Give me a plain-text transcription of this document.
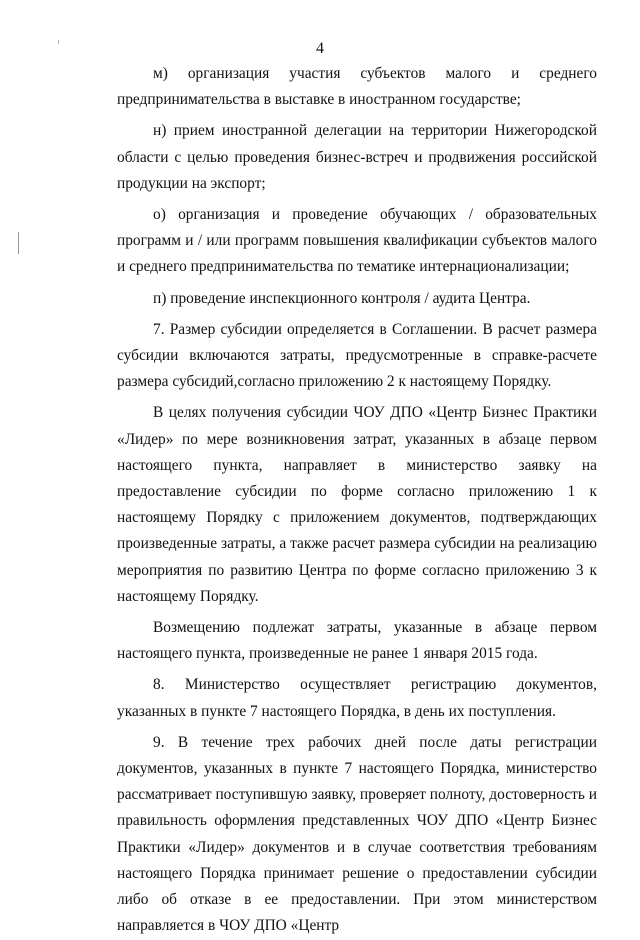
4

м) организация участия субъектов малого и среднего предпринимательства в выставке в иностранном государстве;

н) прием иностранной делегации на территории Нижегородской области с целью проведения бизнес-встреч и продвижения российской продукции на экспорт;

о) организация и проведение обучающих / образовательных программ и / или программ повышения квалификации субъектов малого и среднего предпринимательства по тематике интернационализации;

п) проведение инспекционного контроля / аудита Центра.

7. Размер субсидии определяется в Соглашении. В расчет размера субсидии включаются затраты, предусмотренные в справке-расчете размера субсидий,согласно приложению 2 к настоящему Порядку.

В целях получения субсидии ЧОУ ДПО «Центр Бизнес Практики «Лидер» по мере возникновения затрат, указанных в абзаце первом настоящего пункта, направляет в министерство заявку на предоставление субсидии по форме согласно приложению 1 к настоящему Порядку с приложением документов, подтверждающих произведенные затраты, а также расчет размера субсидии на реализацию мероприятия по развитию Центра по форме согласно приложению 3 к настоящему Порядку.

Возмещению подлежат затраты, указанные в абзаце первом настоящего пункта, произведенные не ранее 1 января 2015 года.

8. Министерство осуществляет регистрацию документов, указанных в пункте 7 настоящего Порядка, в день их поступления.

9. В течение трех рабочих дней после даты регистрации документов, указанных в пункте 7 настоящего Порядка, министерство рассматривает поступившую заявку, проверяет полноту, достоверность и правильность оформления представленных ЧОУ ДПО «Центр Бизнес Практики «Лидер» документов и в случае соответствия требованиям настоящего Порядка принимает решение о предоставлении субсидии либо об отказе в ее предоставлении. При этом министерством направляется в ЧОУ ДПО «Центр
